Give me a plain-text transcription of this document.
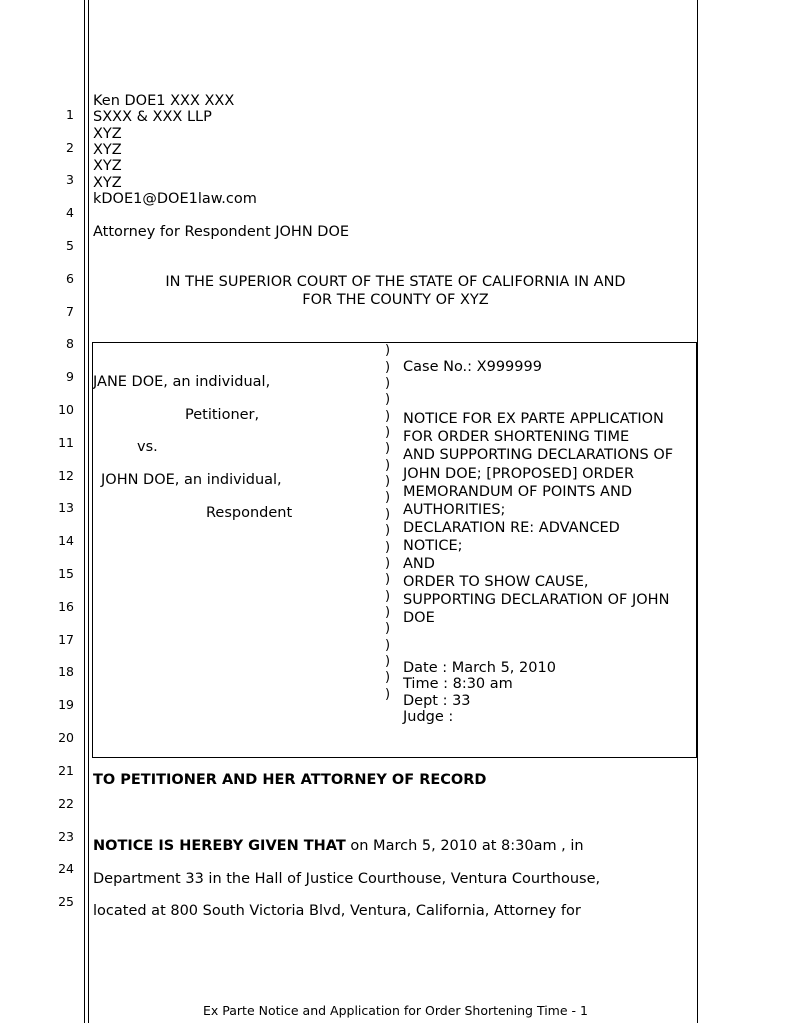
1
2
3
4
5
6
7
8
9
10
11
12
13
14
15
16
17
18
19
20
21
22
23
24
25
Ken DOE1 XXX XXX
SXXX & XXX LLP
XYZ
XYZ
XYZ
XYZ
kDOE1@DOE1law.com
Attorney for Respondent JOHN DOE
IN THE SUPERIOR COURT OF THE STATE OF CALIFORNIA IN AND
FOR THE COUNTY OF XYZ
JANE DOE, an individual,
Petitioner,
vs.
JOHN DOE, an individual,
Respondent
)
)
)
)
)
)
)
)
)
)
)
)
)
)
)
)
)
)
)
)
)
)
Case No.: X999999
NOTICE FOR EX PARTE APPLICATION
FOR ORDER SHORTENING TIME
AND SUPPORTING DECLARATIONS OF
JOHN DOE; [PROPOSED] ORDER
MEMORANDUM OF POINTS AND
AUTHORITIES;
DECLARATION RE: ADVANCED
NOTICE;
AND
ORDER TO SHOW CAUSE,
SUPPORTING DECLARATION OF JOHN
DOE
Date : March 5, 2010
Time : 8:30 am
Dept : 33
Judge :
TO PETITIONER AND HER ATTORNEY OF RECORD
NOTICE IS HEREBY GIVEN THAT on March 5, 2010 at 8:30am , in
Department 33 in the Hall of Justice Courthouse, Ventura Courthouse,
located at 800 South Victoria Blvd, Ventura, California, Attorney for
Ex Parte Notice and Application for Order Shortening Time - 1
